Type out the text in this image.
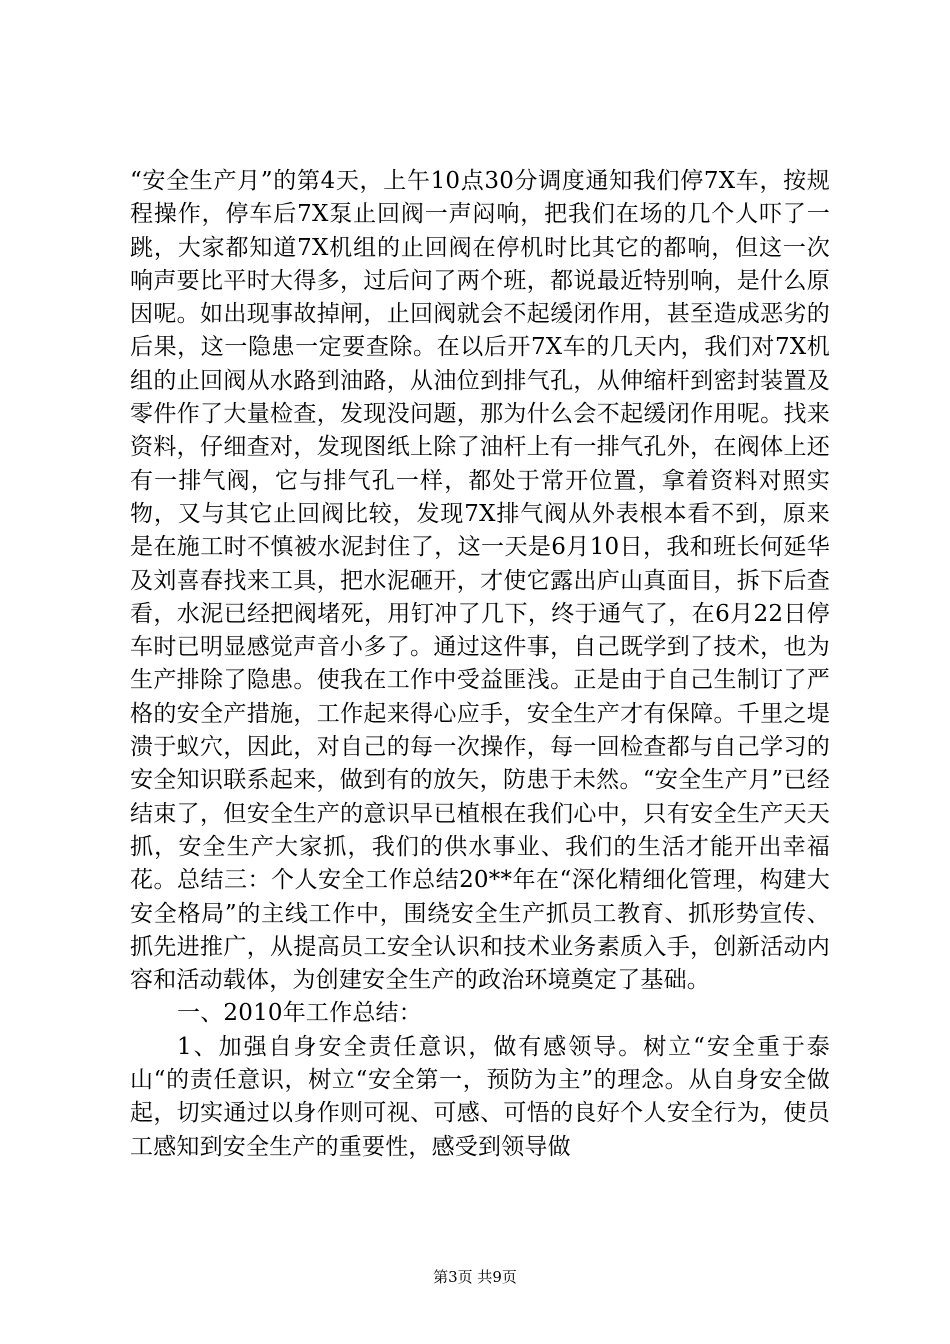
“安全生产月”的第4天，上午10点30分调度通知我们停7X车，按规程操作，停车后7X泵止回阀一声闷响，把我们在场的几个人吓了一跳，大家都知道7X机组的止回阀在停机时比其它的都响，但这一次响声要比平时大得多，过后问了两个班，都说最近特别响，是什么原因呢。如出现事故掉闸，止回阀就会不起缓闭作用，甚至造成恶劣的后果，这一隐患一定要查除。在以后开7X车的几天内，我们对7X机组的止回阀从水路到油路，从油位到排气孔，从伸缩杆到密封装置及零件作了大量检查，发现没问题，那为什么会不起缓闭作用呢。找来资料，仔细查对，发现图纸上除了油杆上有一排气孔外，在阀体上还有一排气阀，它与排气孔一样，都处于常开位置，拿着资料对照实物，又与其它止回阀比较，发现7X排气阀从外表根本看不到，原来是在施工时不慎被水泥封住了，这一天是6月10日，我和班长何延华及刘喜春找来工具，把水泥砸开，才使它露出庐山真面目，拆下后查看，水泥已经把阀堵死，用钉冲了几下，终于通气了，在6月22日停车时已明显感觉声音小多了。通过这件事，自己既学到了技术，也为生产排除了隐患。使我在工作中受益匪浅。正是由于自己生制订了严格的安全产措施，工作起来得心应手，安全生产才有保障。千里之堤溃于蚁穴，因此，对自己的每一次操作，每一回检查都与自己学习的安全知识联系起来，做到有的放矢，防患于未然。“安全生产月”已经结束了，但安全生产的意识早已植根在我们心中，只有安全生产天天抓，安全生产大家抓，我们的供水事业、我们的生活才能开出幸福花。总结三：个人安全工作总结20**年在“深化精细化管理，构建大安全格局”的主线工作中，围绕安全生产抓员工教育、抓形势宣传、抓先进推广，从提高员工安全认识和技术业务素质入手，创新活动内容和活动载体，为创建安全生产的政治环境奠定了基础。

一、2010年工作总结：

1、加强自身安全责任意识，做有感领导。树立“安全重于泰山“的责任意识，树立“安全第一，预防为主”的理念。从自身安全做起，切实通过以身作则可视、可感、可悟的良好个人安全行为，使员工感知到安全生产的重要性，感受到领导做

第3页 共9页
